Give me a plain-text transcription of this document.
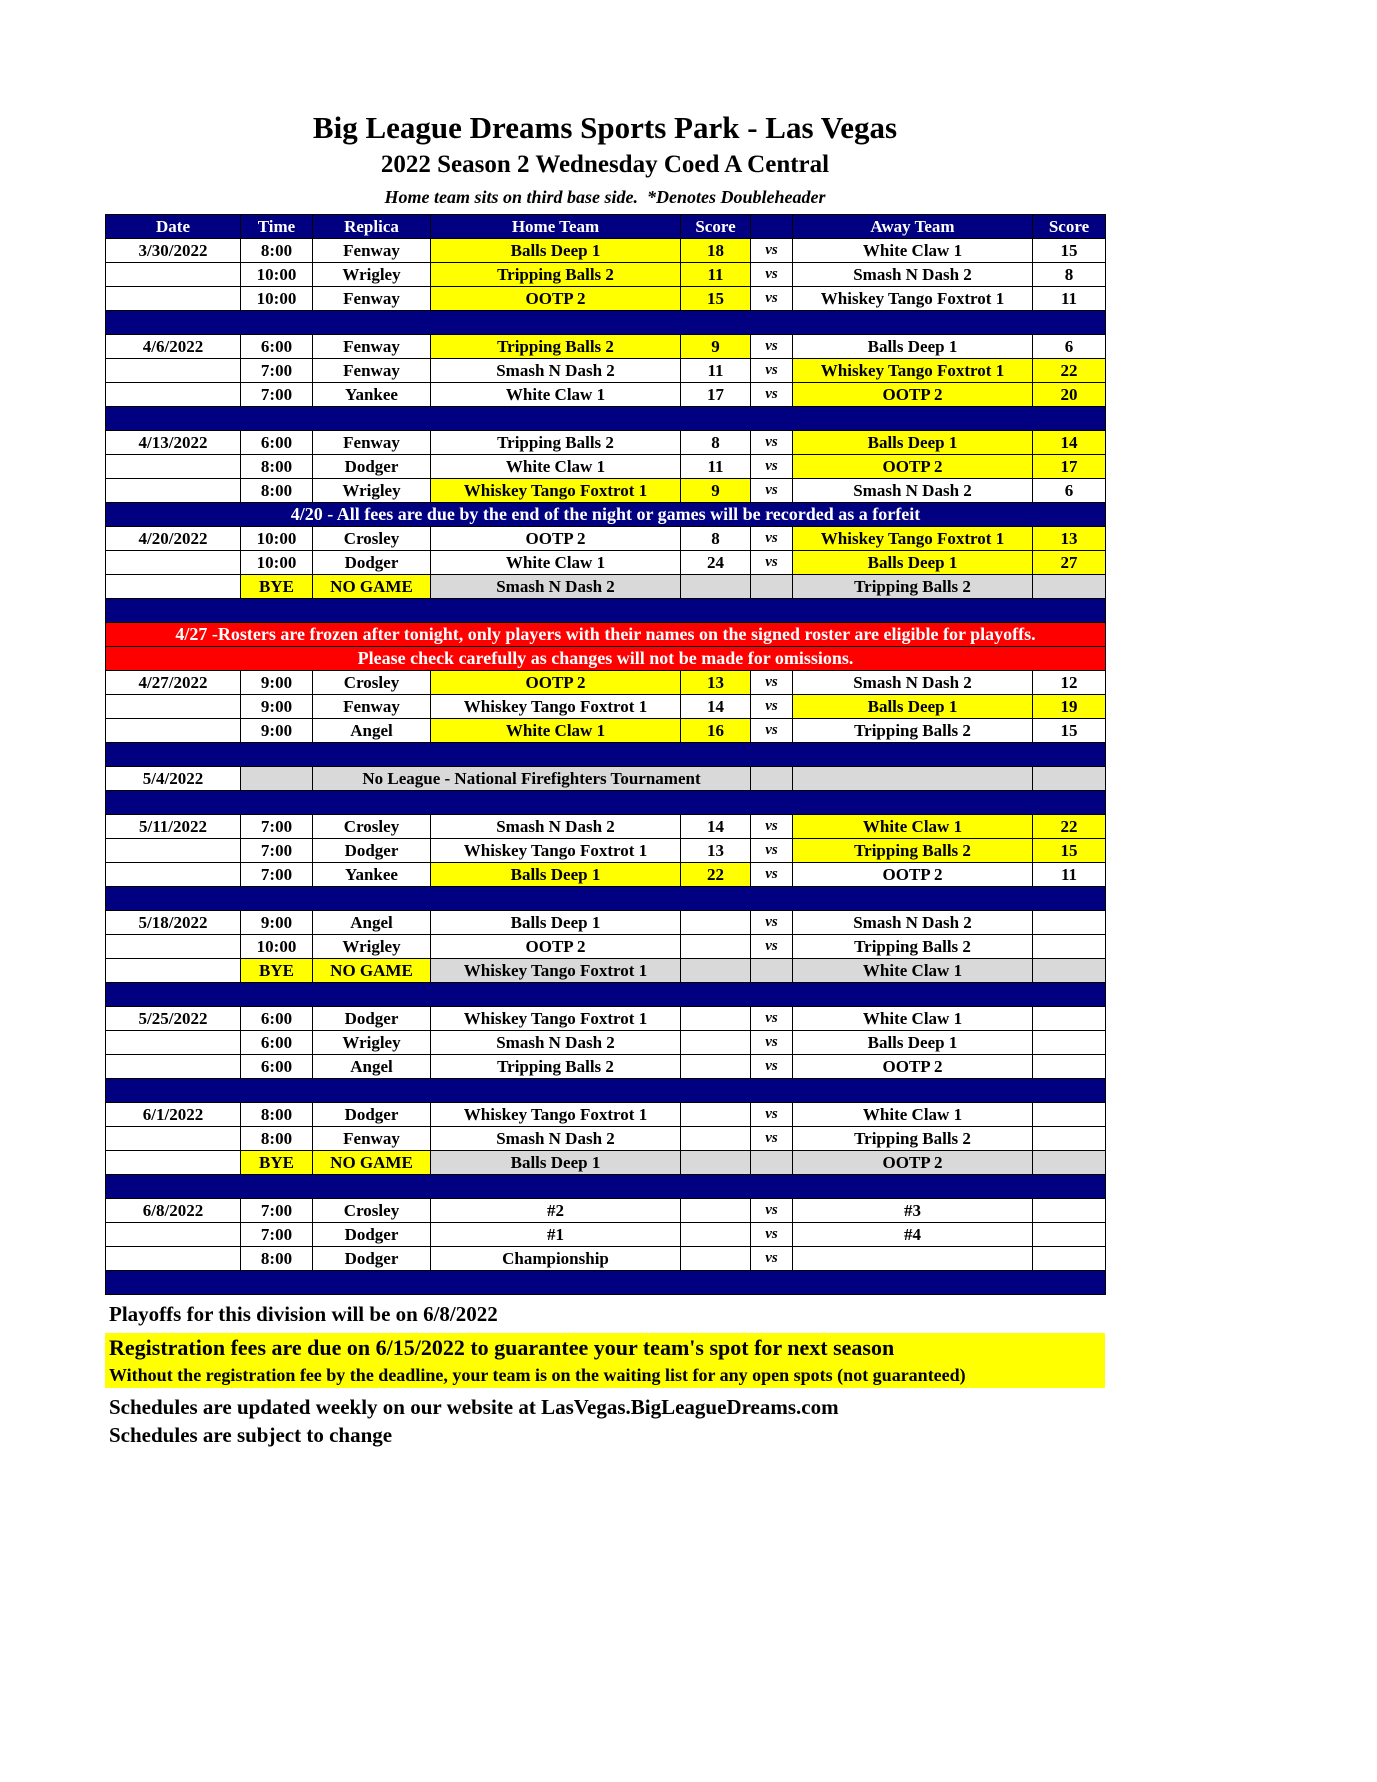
Big League Dreams Sports Park - Las Vegas
2022 Season 2 Wednesday Coed A Central
Home team sits on third base side.  *Denotes Doubleheader
Date	Time	Replica	Home Team	Score		Away Team	Score
3/30/2022	8:00	Fenway	Balls Deep 1	18	vs	White Claw 1	15
	10:00	Wrigley	Tripping Balls 2	11	vs	Smash N Dash 2	8
	10:00	Fenway	OOTP 2	15	vs	Whiskey Tango Foxtrot 1	11

4/6/2022	6:00	Fenway	Tripping Balls 2	9	vs	Balls Deep 1	6
	7:00	Fenway	Smash N Dash 2	11	vs	Whiskey Tango Foxtrot 1	22
	7:00	Yankee	White Claw 1	17	vs	OOTP 2	20

4/13/2022	6:00	Fenway	Tripping Balls 2	8	vs	Balls Deep 1	14
	8:00	Dodger	White Claw 1	11	vs	OOTP 2	17
	8:00	Wrigley	Whiskey Tango Foxtrot 1	9	vs	Smash N Dash 2	6
4/20 - All fees are due by the end of the night or games will be recorded as a forfeit							
4/20/2022	10:00	Crosley	OOTP 2	8	vs	Whiskey Tango Foxtrot 1	13
	10:00	Dodger	White Claw 1	24	vs	Balls Deep 1	27
	BYE	NO GAME	Smash N Dash 2			Tripping Balls 2	

4/27 -Rosters are frozen after tonight, only players with their names on the signed roster are eligible for playoffs.							
Please check carefully as changes will not be made for omissions.							
4/27/2022	9:00	Crosley	OOTP 2	13	vs	Smash N Dash 2	12
	9:00	Fenway	Whiskey Tango Foxtrot 1	14	vs	Balls Deep 1	19
	9:00	Angel	White Claw 1	16	vs	Tripping Balls 2	15

5/4/2022		No League - National Firefighters Tournament					

5/11/2022	7:00	Crosley	Smash N Dash 2	14	vs	White Claw 1	22
	7:00	Dodger	Whiskey Tango Foxtrot 1	13	vs	Tripping Balls 2	15
	7:00	Yankee	Balls Deep 1	22	vs	OOTP 2	11

5/18/2022	9:00	Angel	Balls Deep 1		vs	Smash N Dash 2	
	10:00	Wrigley	OOTP 2		vs	Tripping Balls 2	
	BYE	NO GAME	Whiskey Tango Foxtrot 1			White Claw 1	

5/25/2022	6:00	Dodger	Whiskey Tango Foxtrot 1		vs	White Claw 1	
	6:00	Wrigley	Smash N Dash 2		vs	Balls Deep 1	
	6:00	Angel	Tripping Balls 2		vs	OOTP 2	

6/1/2022	8:00	Dodger	Whiskey Tango Foxtrot 1		vs	White Claw 1	
	8:00	Fenway	Smash N Dash 2		vs	Tripping Balls 2	
	BYE	NO GAME	Balls Deep 1			OOTP 2	

6/8/2022	7:00	Crosley	#2		vs	#3	
	7:00	Dodger	#1		vs	#4	
	8:00	Dodger	Championship		vs		

Playoffs for this division will be on 6/8/2022
Registration fees are due on 6/15/2022 to guarantee your team's spot for next season
Without the registration fee by the deadline, your team is on the waiting list for any open spots (not guaranteed)
Schedules are updated weekly on our website at LasVegas.BigLeagueDreams.com
Schedules are subject to change
